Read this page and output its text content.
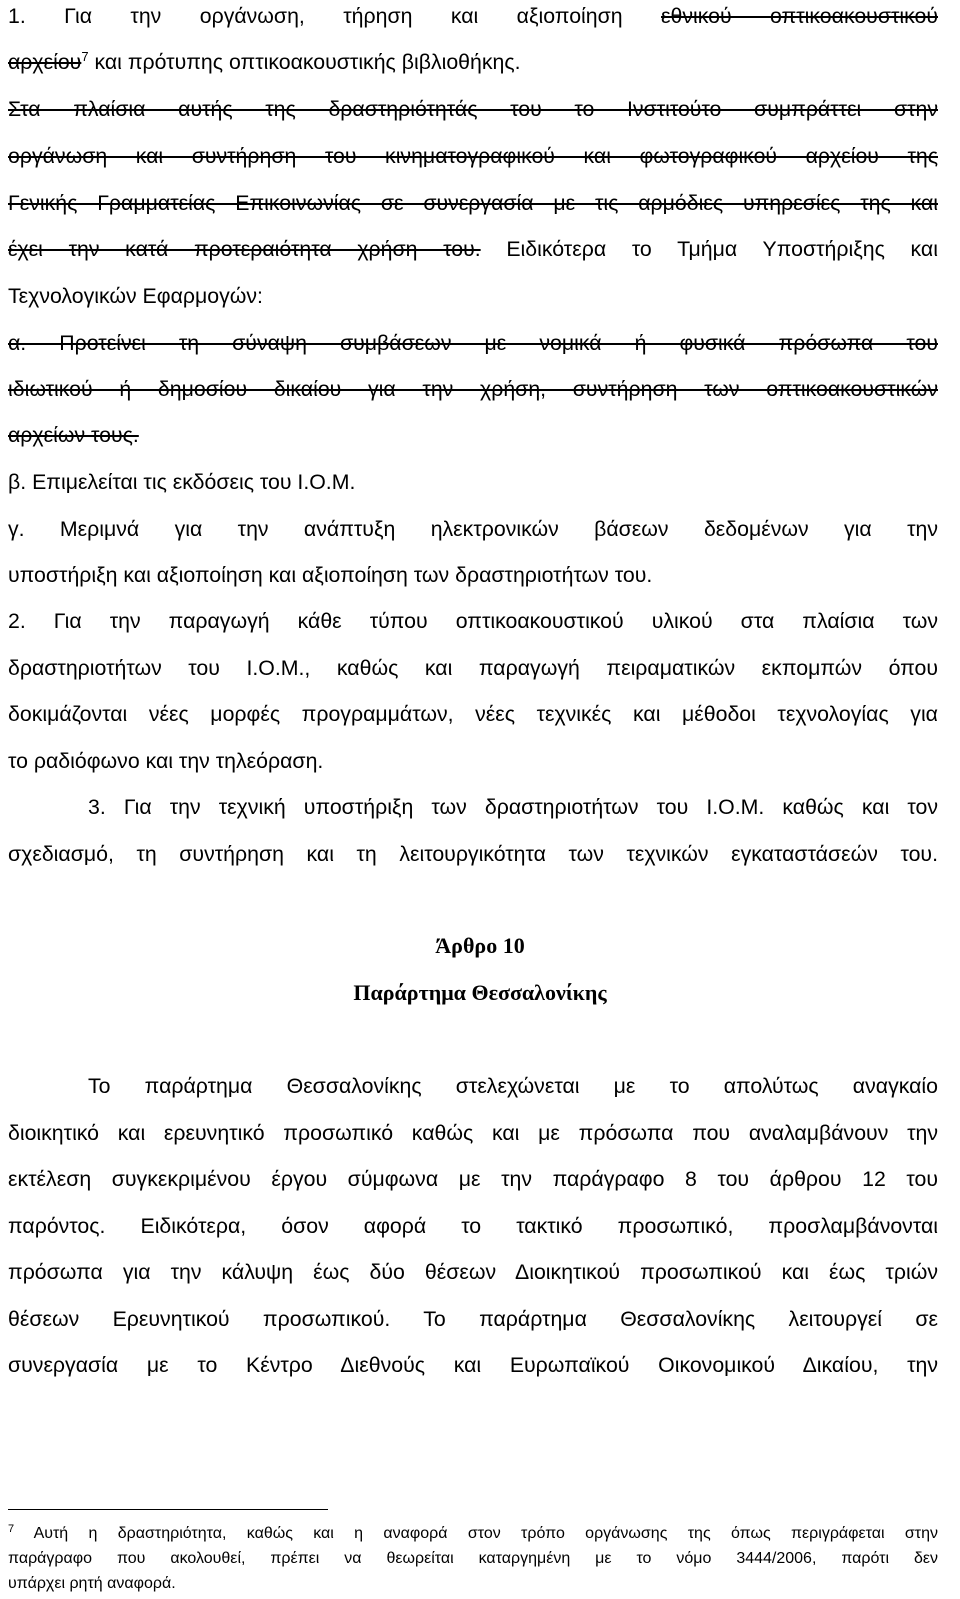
1. Για την οργάνωση, τήρηση και αξιοποίηση εθνικού οπτικοακουστικού
αρχείου$^7$ και πρότυπης οπτικοακουστικής βιβλιοθήκης.
Στα πλαίσια αυτής της δραστηριότητάς του το Ινστιτούτο συμπράττει στην
οργάνωση και συντήρηση του κινηματογραφικού και φωτογραφικού αρχείου της
Γενικής Γραμματείας Επικοινωνίας σε συνεργασία με τις αρμόδιες υπηρεσίες της και
έχει την κατά προτεραιότητα χρήση του. Ειδικότερα το Τμήμα Υποστήριξης και
Τεχνολογικών Εφαρμογών:
α. Προτείνει τη σύναψη συμβάσεων με νομικά ή φυσικά πρόσωπα του
ιδιωτικού ή δημοσίου δικαίου για την χρήση, συντήρηση των οπτικοακουστικών
αρχείων τους.
β. Επιμελείται τις εκδόσεις του Ι.Ο.Μ.
γ. Μεριμνά για την ανάπτυξη ηλεκτρονικών βάσεων δεδομένων για την
υποστήριξη και αξιοποίηση και αξιοποίηση των δραστηριοτήτων του.
2. Για την παραγωγή κάθε τύπου οπτικοακουστικού υλικού στα πλαίσια των
δραστηριοτήτων του Ι.Ο.Μ., καθώς και παραγωγή πειραματικών εκπομπών όπου
δοκιμάζονται νέες μορφές προγραμμάτων, νέες τεχνικές και μέθοδοι τεχνολογίας για
το ραδιόφωνο και την τηλεόραση.
3. Για την τεχνική υποστήριξη των δραστηριοτήτων του Ι.Ο.Μ. καθώς και τον
σχεδιασμό, τη συντήρηση και τη λειτουργικότητα των τεχνικών εγκαταστάσεών του.
Άρθρο 10
Παράρτημα Θεσσαλονίκης
Το παράρτημα Θεσσαλονίκης στελεχώνεται με το απολύτως αναγκαίο
διοικητικό και ερευνητικό προσωπικό καθώς και με πρόσωπα που αναλαμβάνουν την
εκτέλεση συγκεκριμένου έργου σύμφωνα με την παράγραφο 8 του άρθρου 12 του
παρόντος. Ειδικότερα, όσον αφορά το τακτικό προσωπικό, προσλαμβάνονται
πρόσωπα για την κάλυψη έως δύο θέσεων Διοικητικού προσωπικού και έως τριών
θέσεων Ερευνητικού προσωπικού. Το παράρτημα Θεσσαλονίκης λειτουργεί σε
συνεργασία με το Κέντρο Διεθνούς και Ευρωπαϊκού Οικονομικού Δικαίου, την
$^7$ Αυτή η δραστηριότητα, καθώς και η αναφορά στον τρόπο οργάνωσης της όπως περιγράφεται στην
παράγραφο που ακολουθεί, πρέπει να θεωρείται καταργημένη με το νόμο 3444/2006, παρότι δεν
υπάρχει ρητή αναφορά.
